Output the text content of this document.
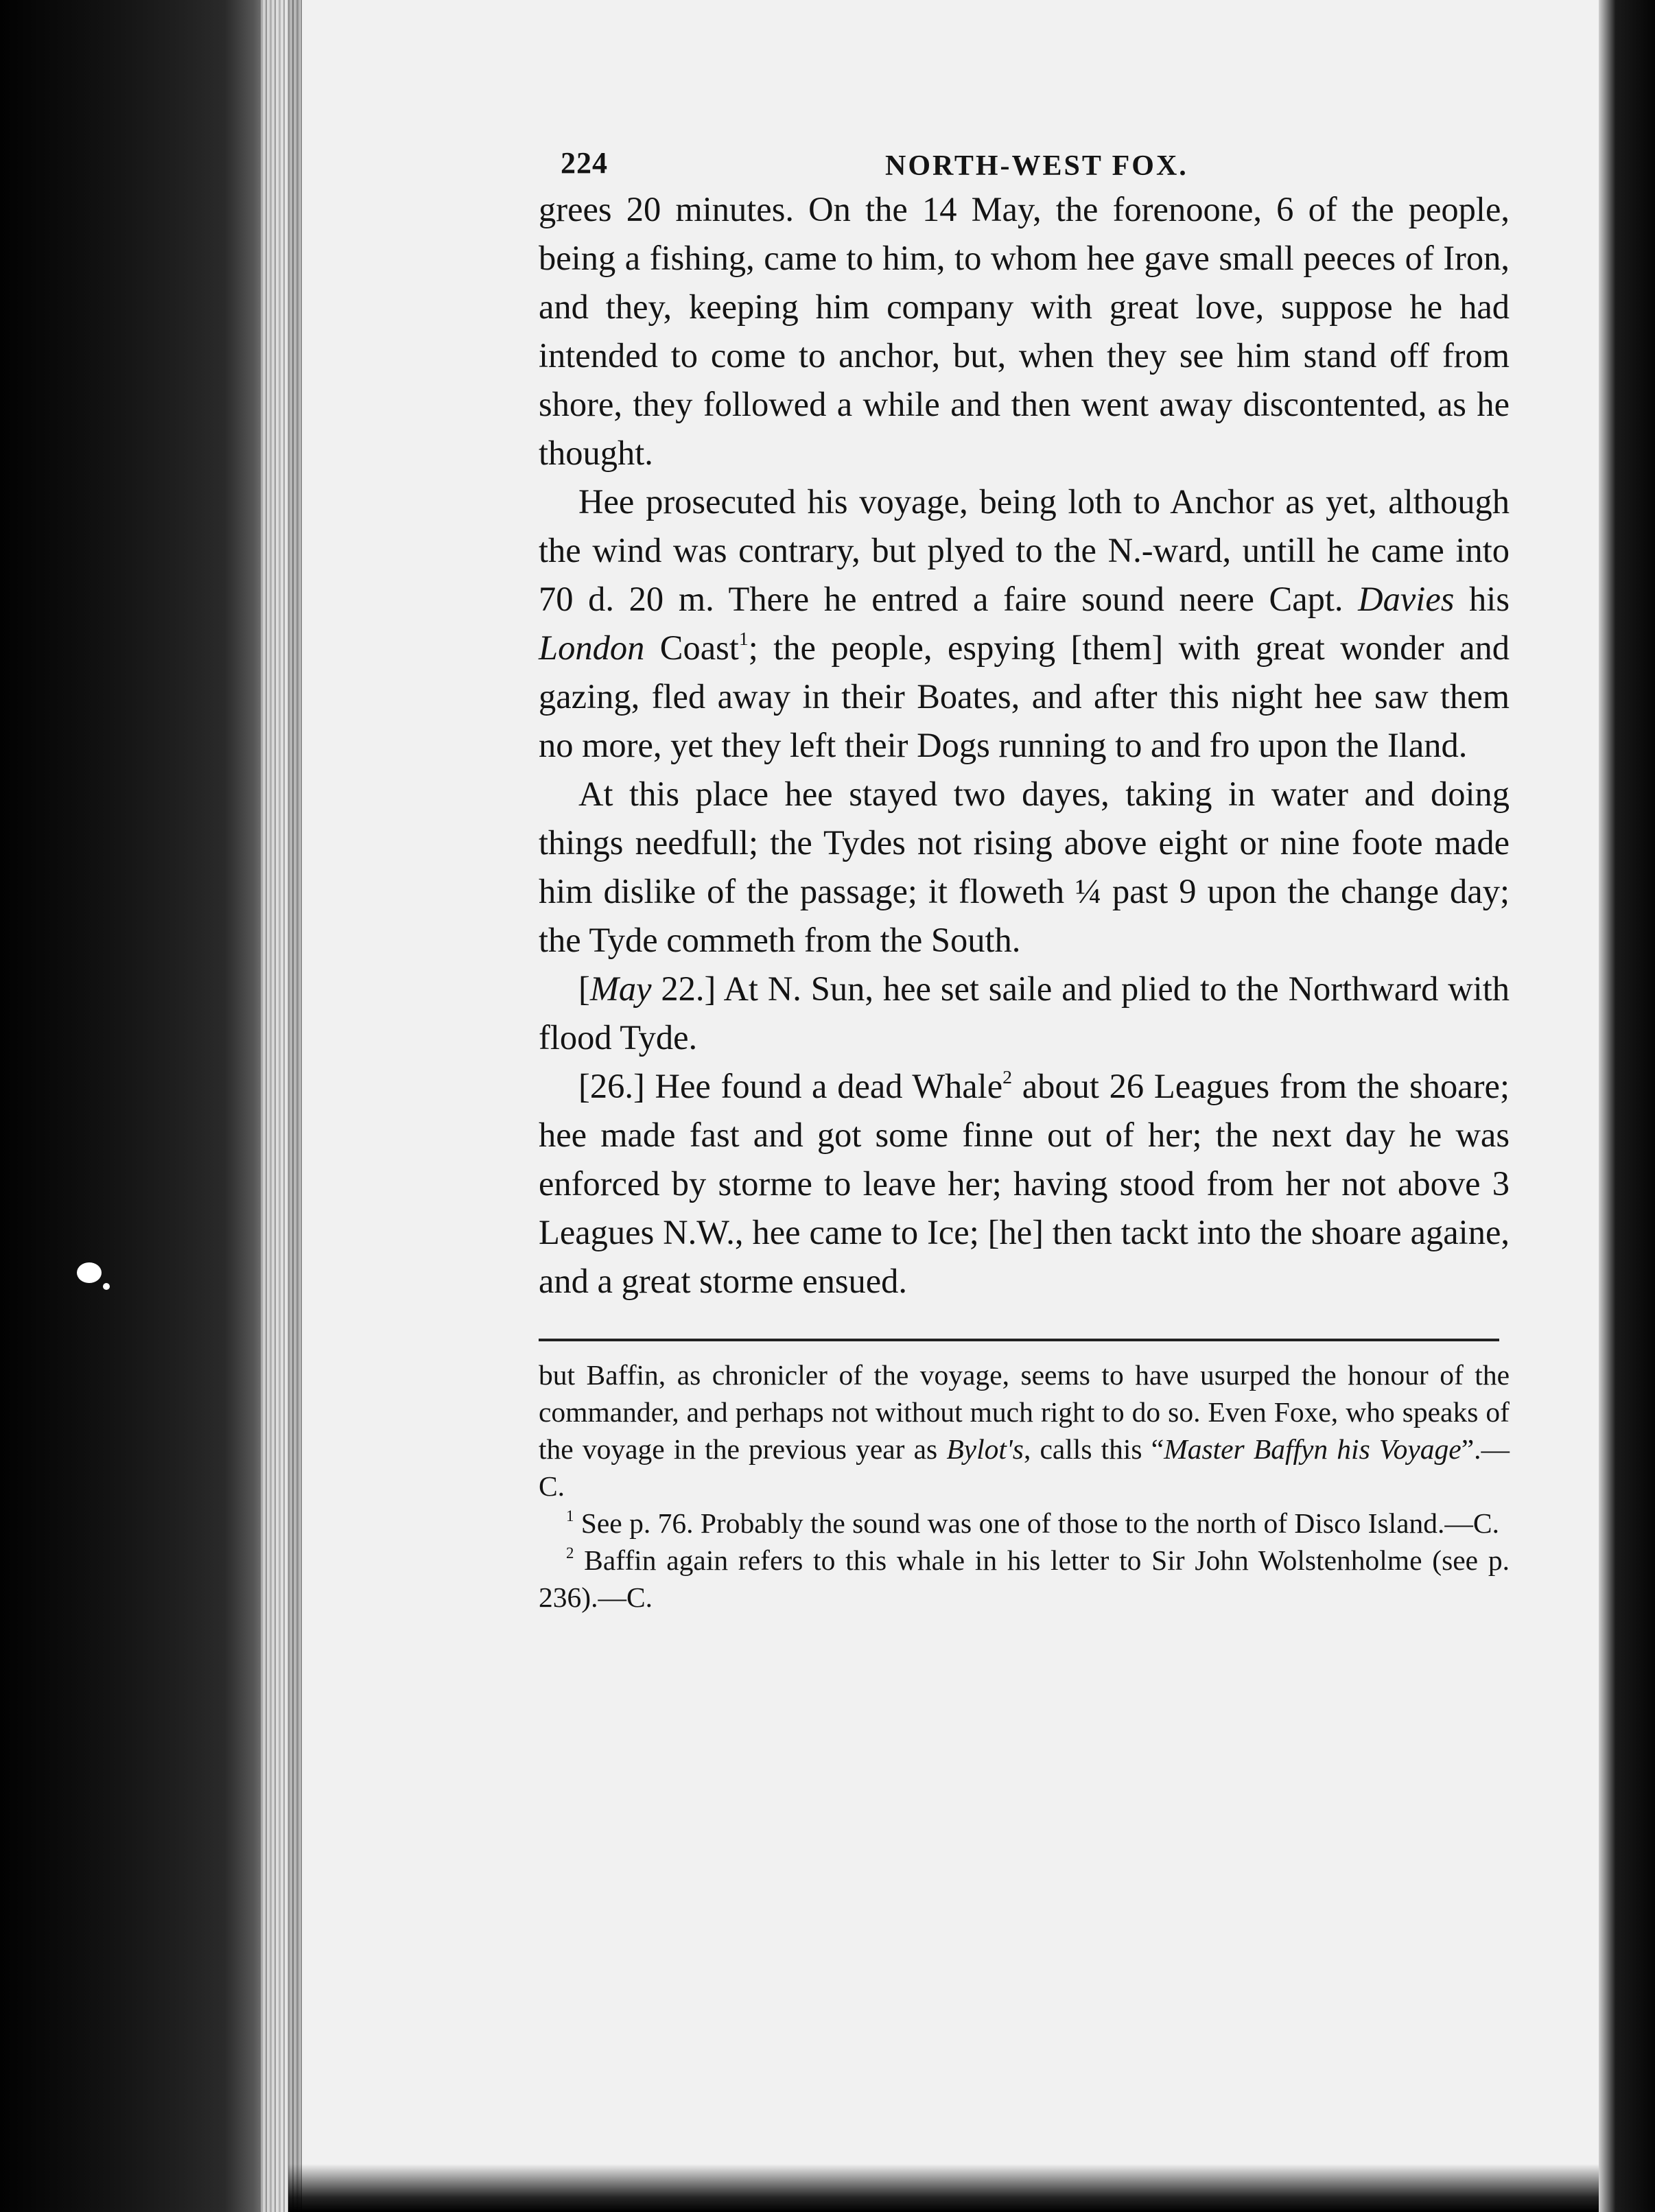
224	NORTH-WEST FOX.

grees 20 minutes. On the 14 May, the forenoone, 6 of the people, being a fishing, came to him, to whom hee gave small peeces of Iron, and they, keeping him company with great love, suppose he had intended to come to anchor, but, when they see him stand off from shore, they followed a while and then went away discontented, as he thought.

Hee prosecuted his voyage, being loth to Anchor as yet, although the wind was contrary, but plyed to the N.-ward, untill he came into 70 d. 20 m. There he entred a faire sound neere Capt. Davies his London Coast$^1$; the people, espying [them] with great wonder and gazing, fled away in their Boates, and after this night hee saw them no more, yet they left their Dogs running to and fro upon the Iland.

At this place hee stayed two dayes, taking in water and doing things needfull; the Tydes not rising above eight or nine foote made him dislike of the passage; it floweth ¼ past 9 upon the change day; the Tyde commeth from the South.

[May 22.] At N. Sun, hee set saile and plied to the Northward with flood Tyde.

[26.] Hee found a dead Whale$^2$ about 26 Leagues from the shoare; hee made fast and got some finne out of her; the next day he was enforced by storme to leave her; having stood from her not above 3 Leagues N.W., hee came to Ice; [he] then tackt into the shoare againe, and a great storme ensued.

but Baffin, as chronicler of the voyage, seems to have usurped the honour of the commander, and perhaps not without much right to do so. Even Foxe, who speaks of the voyage in the previous year as Bylot's, calls this “Master Baffyn his Voyage”.—C.

$^1$ See p. 76. Probably the sound was one of those to the north of Disco Island.—C.

$^2$ Baffin again refers to this whale in his letter to Sir John Wolstenholme (see p. 236).—C.
